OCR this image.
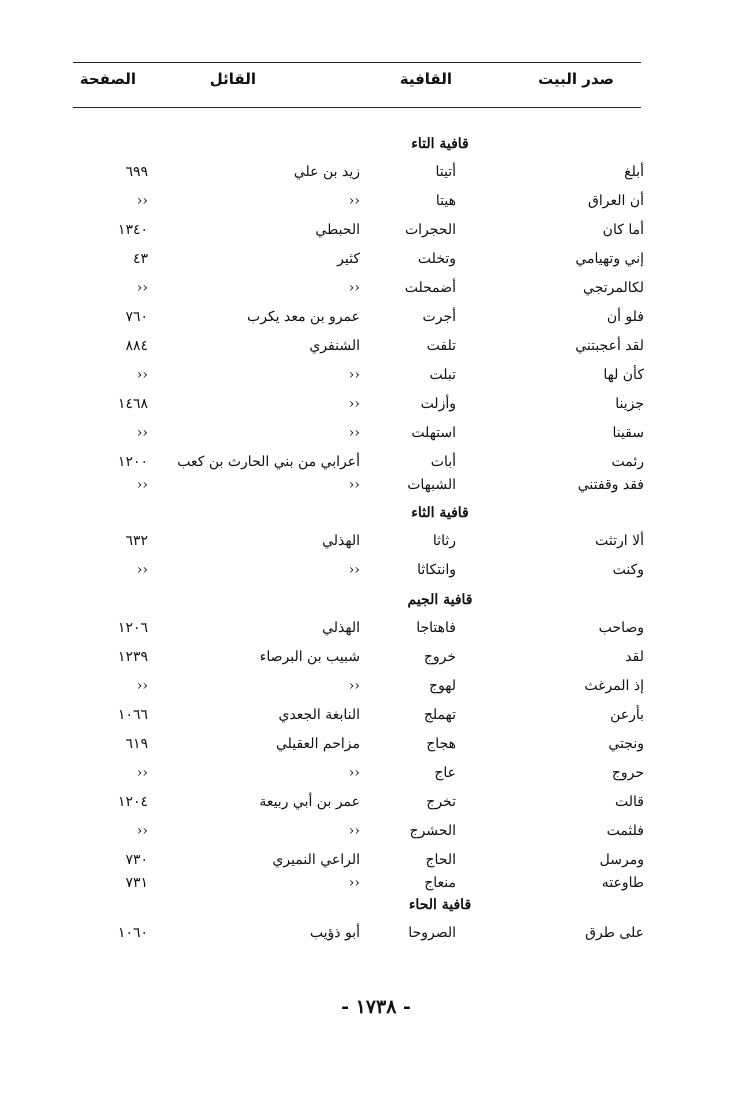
صدر البيت
القافية
القائل
الصفحة
قافية التاء
أبلغ
أتيتا
زيد بن علي
٦٩٩
أن العراق
هيتا
‹‹
‹‹
أما كان
الحجرات
الحبطي
١٣٤٠
إني وتهيامي
وتخلت
كثير
٤٣
لكالمرتجي
أضمحلت
‹‹
‹‹
فلو أن
أجرت
عمرو بن معد يكرب
٧٦٠
لقد أعجبتني
تلفت
الشنفري
٨٨٤
كأن لها
تبلت
‹‹
‹‹
جزينا
وأزلت
‹‹
١٤٦٨
سقينا
استهلت
‹‹
‹‹
رئمت
أبات
أعرابي من بني الحارث بن كعب
١٢٠٠
فقد وقفتني
الشبهات
‹‹
‹‹
قافية الثاء
ألا ارتثت
رثاثا
الهذلي
٦٣٢
وكنت
وانتكاثا
‹‹
‹‹
قافية الجيم
وصاحب
فاهتاجا
الهذلي
١٢٠٦
لقد
خروج
شبيب بن البرصاء
١٢٣٩
إذ المرغث
لهوج
‹‹
‹‹
بأرعن
تهملج
النابغة الجعدي
١٠٦٦
ونجتي
هجاج
مزاحم العقيلي
٦١٩
حروج
عاج
‹‹
‹‹
قالت
تخرج
عمر بن أبي ربيعة
١٢٠٤
فلثمت
الحشرج
‹‹
‹‹
ومرسل
الحاج
الراعي النميري
٧٣٠
طاوعته
منعاج
‹‹
٧٣١
قافية الحاء
على طرق
الصروحا
أبو ذؤيب
١٠٦٠
- ١٧٣٨ -
